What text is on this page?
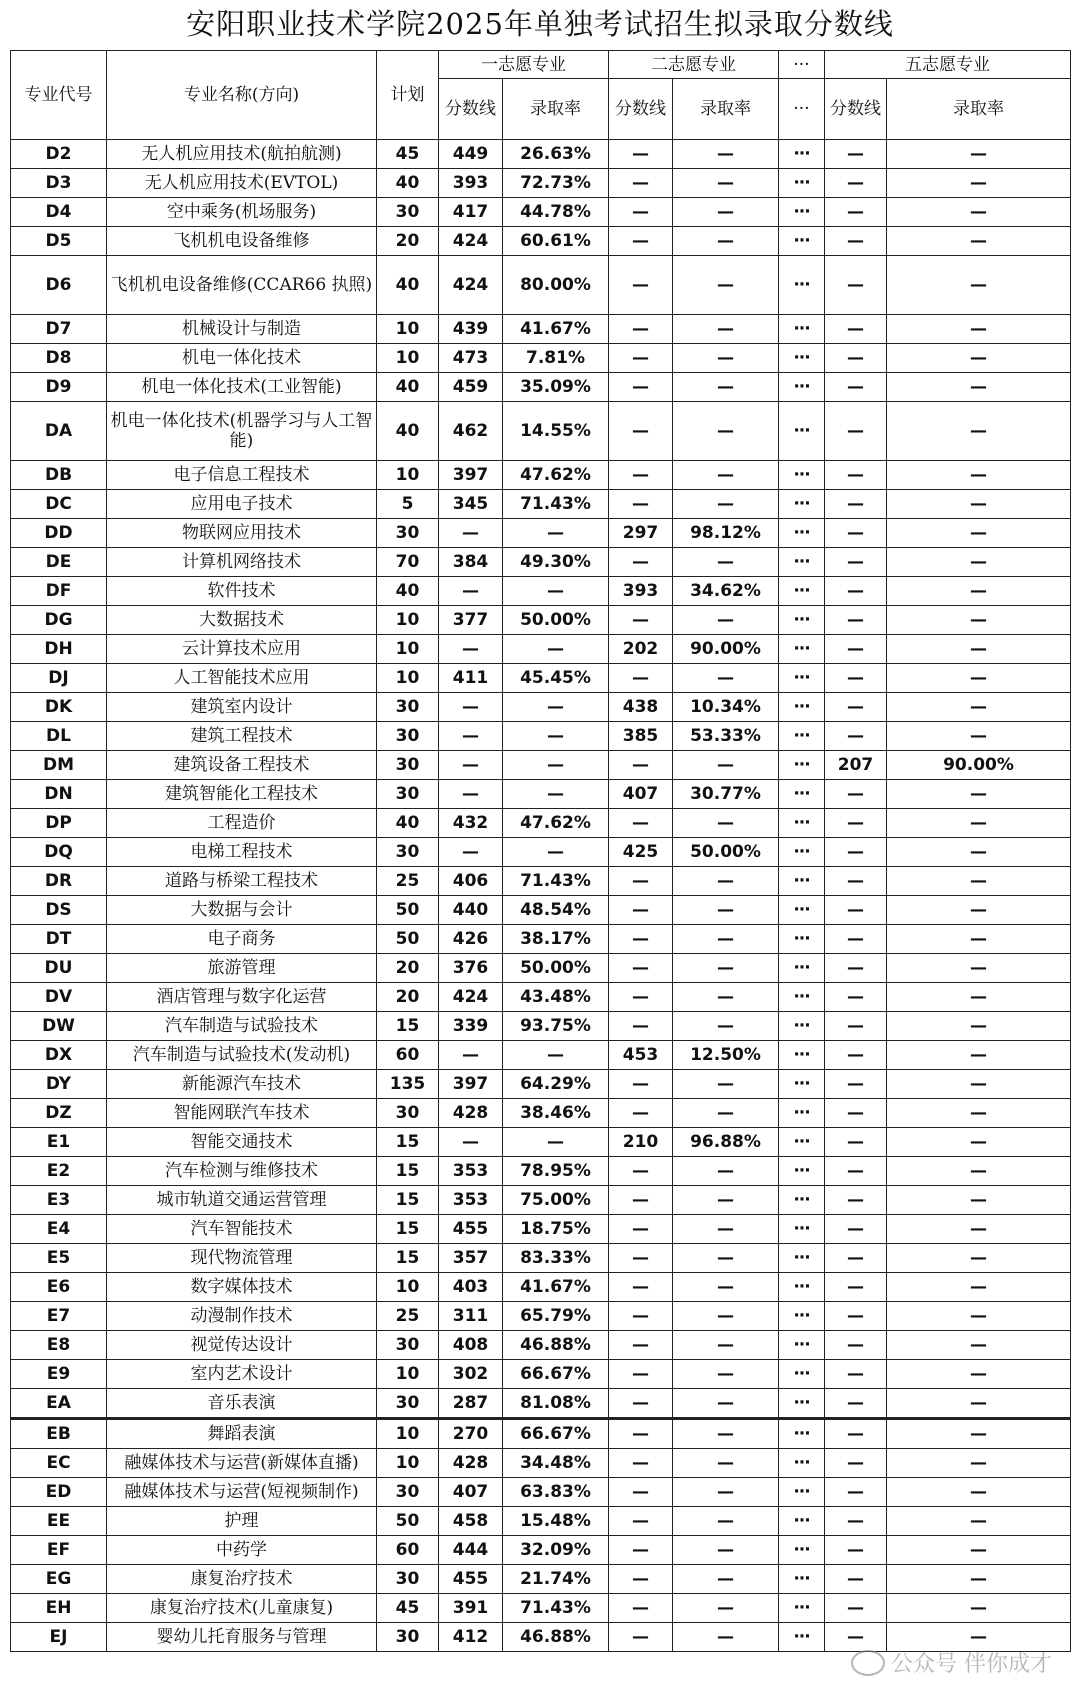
安阳职业技术学院2025年单独考试招生拟录取分数线
专业代号	专业名称(方向)	计划	一志愿专业		二志愿专业		···	五志愿专业	
			分数线	录取率	分数线	录取率	···	分数线	录取率
D2	无人机应用技术(航拍航测)	45	449	26.63%	—	—	···	—	—
D3	无人机应用技术(EVTOL)	40	393	72.73%	—	—	···	—	—
D4	空中乘务(机场服务)	30	417	44.78%	—	—	···	—	—
D5	飞机机电设备维修	20	424	60.61%	—	—	···	—	—
D6	飞机机电设备维修(CCAR66 执照)	40	424	80.00%	—	—	···	—	—
D7	机械设计与制造	10	439	41.67%	—	—	···	—	—
D8	机电一体化技术	10	473	7.81%	—	—	···	—	—
D9	机电一体化技术(工业智能)	40	459	35.09%	—	—	···	—	—
DA	机电一体化技术(机器学习与人工智能)	40	462	14.55%	—	—	···	—	—
DB	电子信息工程技术	10	397	47.62%	—	—	···	—	—
DC	应用电子技术	5	345	71.43%	—	—	···	—	—
DD	物联网应用技术	30	—	—	297	98.12%	···	—	—
DE	计算机网络技术	70	384	49.30%	—	—	···	—	—
DF	软件技术	40	—	—	393	34.62%	···	—	—
DG	大数据技术	10	377	50.00%	—	—	···	—	—
DH	云计算技术应用	10	—	—	202	90.00%	···	—	—
DJ	人工智能技术应用	10	411	45.45%	—	—	···	—	—
DK	建筑室内设计	30	—	—	438	10.34%	···	—	—
DL	建筑工程技术	30	—	—	385	53.33%	···	—	—
DM	建筑设备工程技术	30	—	—	—	—	···	207	90.00%
DN	建筑智能化工程技术	30	—	—	407	30.77%	···	—	—
DP	工程造价	40	432	47.62%	—	—	···	—	—
DQ	电梯工程技术	30	—	—	425	50.00%	···	—	—
DR	道路与桥梁工程技术	25	406	71.43%	—	—	···	—	—
DS	大数据与会计	50	440	48.54%	—	—	···	—	—
DT	电子商务	50	426	38.17%	—	—	···	—	—
DU	旅游管理	20	376	50.00%	—	—	···	—	—
DV	酒店管理与数字化运营	20	424	43.48%	—	—	···	—	—
DW	汽车制造与试验技术	15	339	93.75%	—	—	···	—	—
DX	汽车制造与试验技术(发动机)	60	—	—	453	12.50%	···	—	—
DY	新能源汽车技术	135	397	64.29%	—	—	···	—	—
DZ	智能网联汽车技术	30	428	38.46%	—	—	···	—	—
E1	智能交通技术	15	—	—	210	96.88%	···	—	—
E2	汽车检测与维修技术	15	353	78.95%	—	—	···	—	—
E3	城市轨道交通运营管理	15	353	75.00%	—	—	···	—	—
E4	汽车智能技术	15	455	18.75%	—	—	···	—	—
E5	现代物流管理	15	357	83.33%	—	—	···	—	—
E6	数字媒体技术	10	403	41.67%	—	—	···	—	—
E7	动漫制作技术	25	311	65.79%	—	—	···	—	—
E8	视觉传达设计	30	408	46.88%	—	—	···	—	—
E9	室内艺术设计	10	302	66.67%	—	—	···	—	—
EA	音乐表演	30	287	81.08%	—	—	···	—	—
EB	舞蹈表演	10	270	66.67%	—	—	···	—	—
EC	融媒体技术与运营(新媒体直播)	10	428	34.48%	—	—	···	—	—
ED	融媒体技术与运营(短视频制作)	30	407	63.83%	—	—	···	—	—
EE	护理	50	458	15.48%	—	—	···	—	—
EF	中药学	60	444	32.09%	—	—	···	—	—
EG	康复治疗技术	30	455	21.74%	—	—	···	—	—
EH	康复治疗技术(儿童康复)	45	391	71.43%	—	—	···	—	—
EJ	婴幼儿托育服务与管理	30	412	46.88%	—	—	···	—	—
公众号 伴你成才
